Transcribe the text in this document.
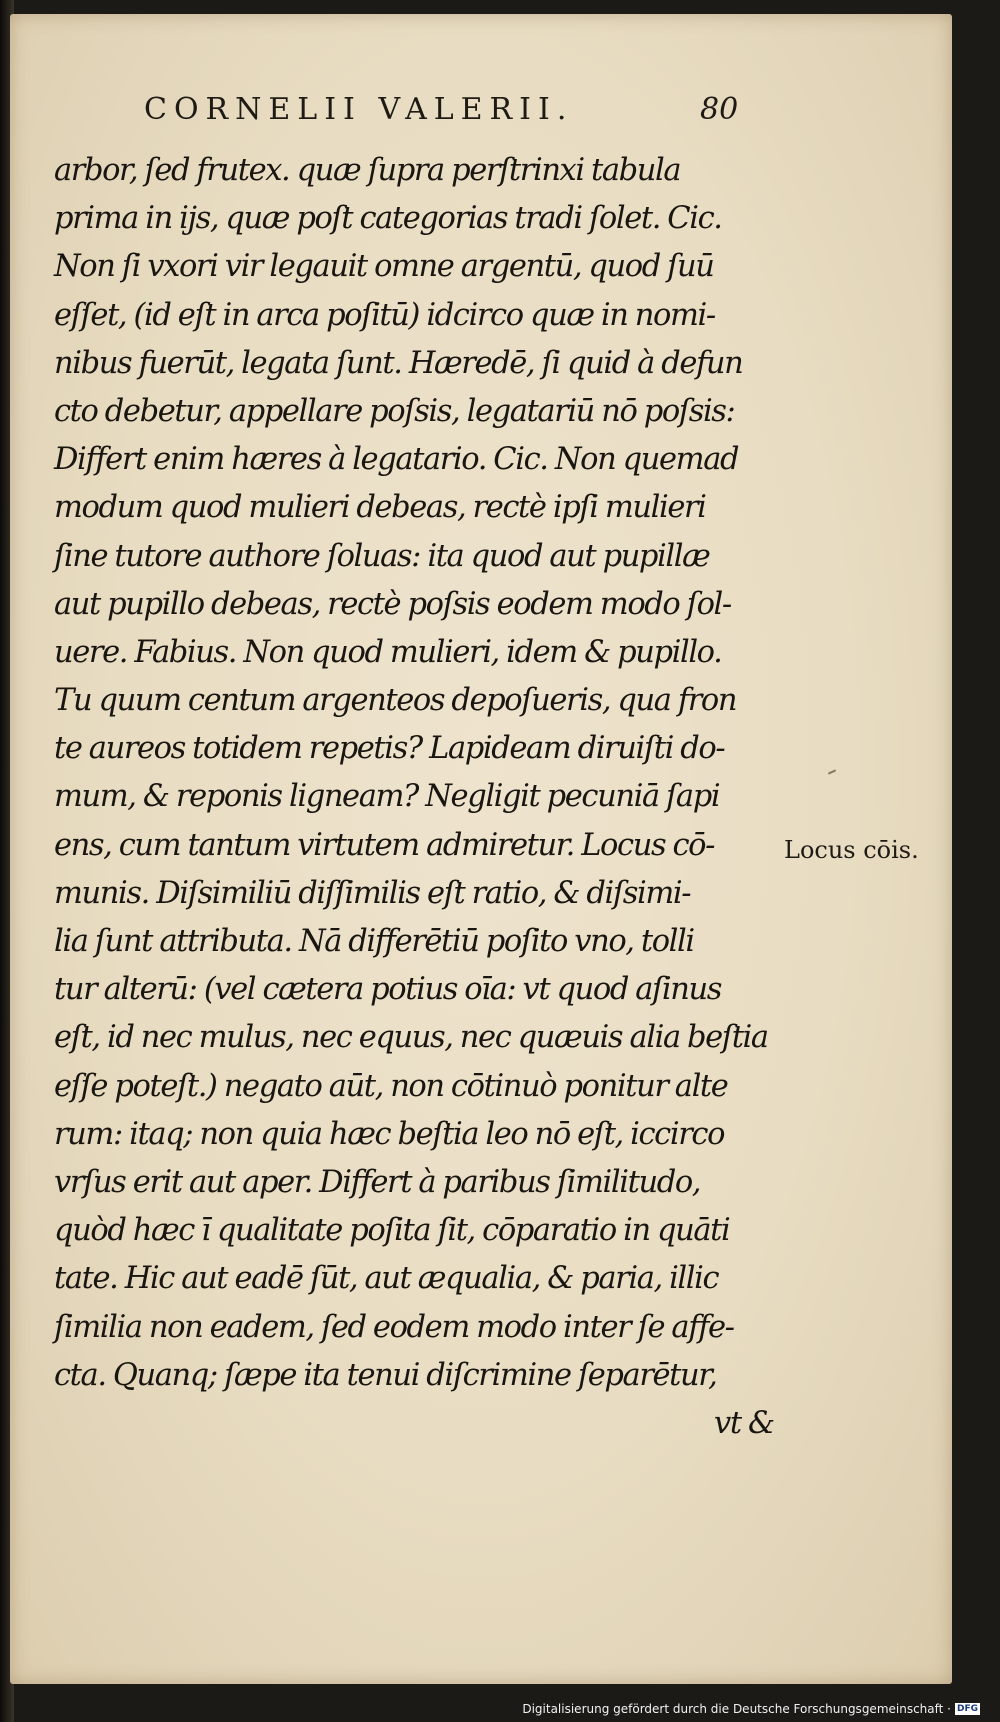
CORNELII VALERII.	80
arbor, ſed frutex. quæ ſupra perſtrinxi tabula
prima in ijs, quæ poſt categorias tradi ſolet. Cic.
Non ſi vxori vir legauit omne argentū, quod ſuū
eſſet, (id eſt in arca poſitū) idcirco quæ in nomi-
nibus fuerūt, legata ſunt. Hæredē, ſi quid à defun
cto debetur, appellare poſsis, legatariū nō poſsis:
Differt enim hæres à legatario. Cic. Non quemad
modum quod mulieri debeas, rectè ipſi mulieri
ſine tutore authore ſoluas: ita quod aut pupillæ
aut pupillo debeas, rectè poſsis eodem modo ſol-
uere. Fabius. Non quod mulieri, idem & pupillo.
Tu quum centum argenteos depoſueris, qua fron
te aureos totidem repetis? Lapideam diruiſti do-
mum, & reponis ligneam? Negligit pecuniā ſapi
ens, cum tantum virtutem admiretur. Locus cō-
munis. Diſsimiliū diſſimilis eſt ratio, & diſsimi-
lia ſunt attributa. Nā differētiū poſito vno, tolli
tur alterū: (vel cætera potius oīa: vt quod aſinus
eſt, id nec mulus, nec equus, nec quæuis alia beſtia
eſſe poteſt.) negato aūt, non cōtinuò ponitur alte
rum: itaq; non quia hæc beſtia leo nō eſt, iccirco
vrſus erit aut aper. Differt à paribus ſimilitudo,
quòd hæc ī qualitate poſita ſit, cōparatio in quāti
tate. Hic aut eadē ſūt, aut æqualia, & paria, illic
ſimilia non eadem, ſed eodem modo inter ſe affe-
cta. Quanq; ſæpe ita tenui diſcrimine ſeparētur,
vt &
Locus cōis.
Digitalisierung gefördert durch die Deutsche Forschungsgemeinschaft · DFG
